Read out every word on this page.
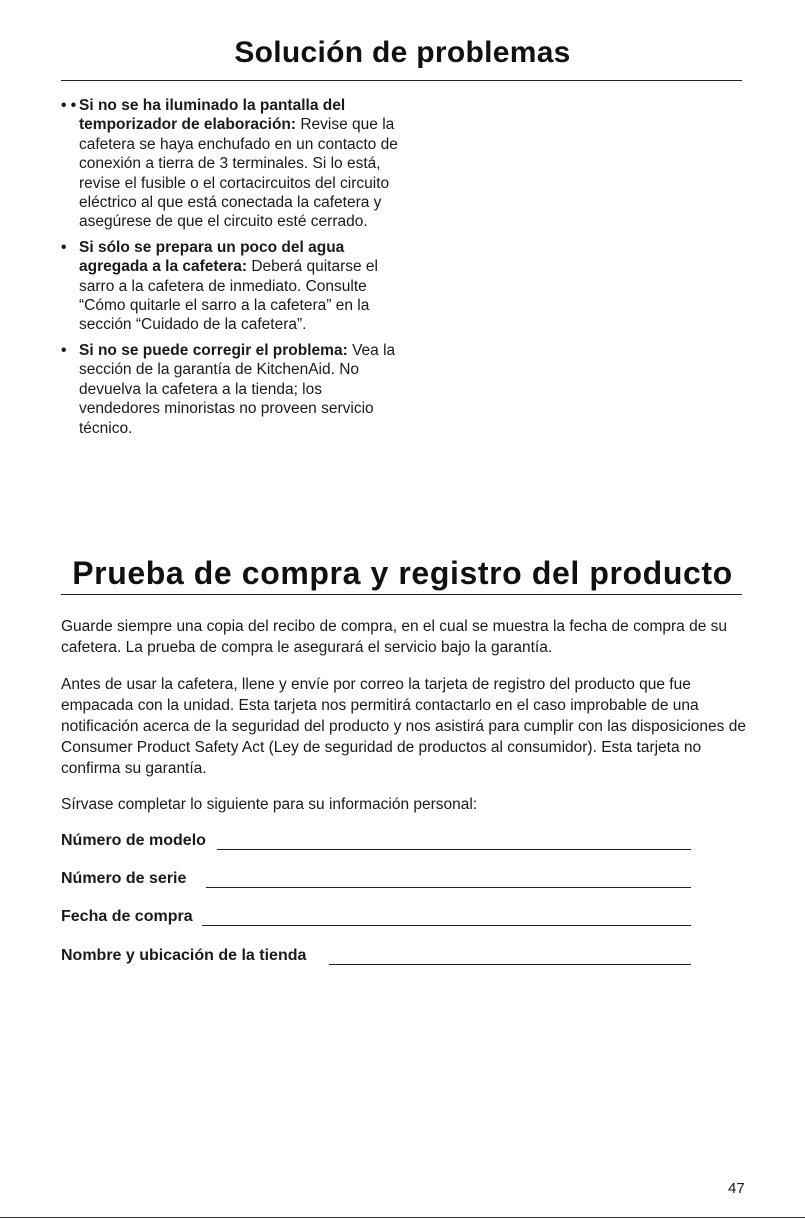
Solución de problemas
• • Si no se ha iluminado la pantalla del temporizador de elaboración: Revise que la cafetera se haya enchufado en un contacto de conexión a tierra de 3 terminales. Si lo está, revise el fusible o el cortacircuitos del circuito eléctrico al que está conectada la cafetera y asegúrese de que el circuito esté cerrado.
• Si sólo se prepara un poco del agua agregada a la cafetera: Deberá quitarse el sarro a la cafetera de inmediato. Consulte “Cómo quitarle el sarro a la cafetera” en la sección “Cuidado de la cafetera”.
• Si no se puede corregir el problema: Vea la sección de la garantía de KitchenAid. No devuelva la cafetera a la tienda; los vendedores minoristas no proveen servicio técnico.
Prueba de compra y registro del producto
Guarde siempre una copia del recibo de compra, en el cual se muestra la fecha de compra de su cafetera. La prueba de compra le asegurará el servicio bajo la garantía.
Antes de usar la cafetera, llene y envíe por correo la tarjeta de registro del producto que fue empacada con la unidad. Esta tarjeta nos permitirá contactarlo en el caso improbable de una notificación acerca de la seguridad del producto y nos asistirá para cumplir con las disposiciones de Consumer Product Safety Act (Ley de seguridad de productos al consumidor). Esta tarjeta no confirma su garantía.
Sírvase completar lo siguiente para su información personal:
Número de modelo
Número de serie
Fecha de compra
Nombre y ubicación de la tienda
47
